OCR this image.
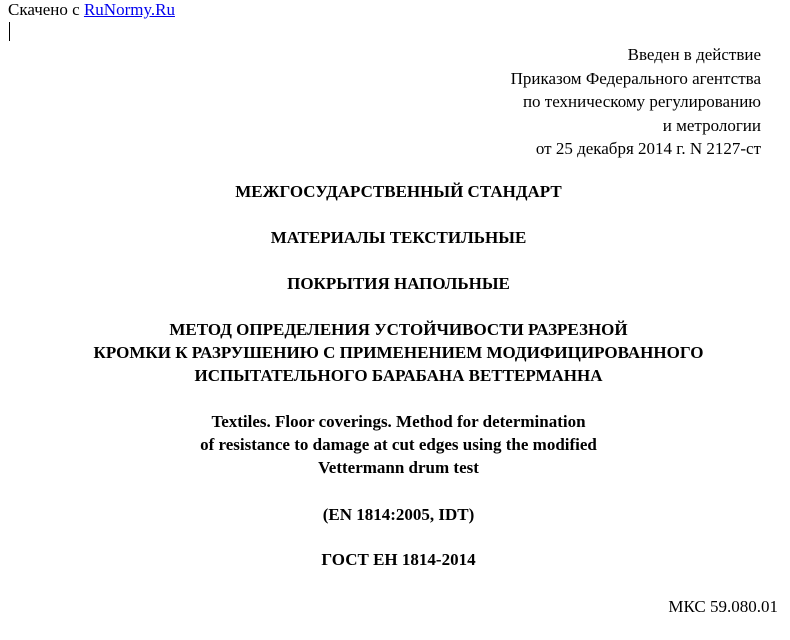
Скачено с RuNormy.Ru
Введен в действие
Приказом Федерального агентства
по техническому регулированию
и метрологии
от 25 декабря 2014 г. N 2127-ст
МЕЖГОСУДАРСТВЕННЫЙ СТАНДАРТ
МАТЕРИАЛЫ ТЕКСТИЛЬНЫЕ
ПОКРЫТИЯ НАПОЛЬНЫЕ
МЕТОД ОПРЕДЕЛЕНИЯ УСТОЙЧИВОСТИ РАЗРЕЗНОЙ
КРОМКИ К РАЗРУШЕНИЮ С ПРИМЕНЕНИЕМ МОДИФИЦИРОВАННОГО
ИСПЫТАТЕЛЬНОГО БАРАБАНА ВЕТТЕРМАННА
Textiles. Floor coverings. Method for determination
of resistance to damage at cut edges using the modified
Vettermann drum test
(EN 1814:2005, IDT)
ГОСТ ЕН 1814-2014
МКС 59.080.01
